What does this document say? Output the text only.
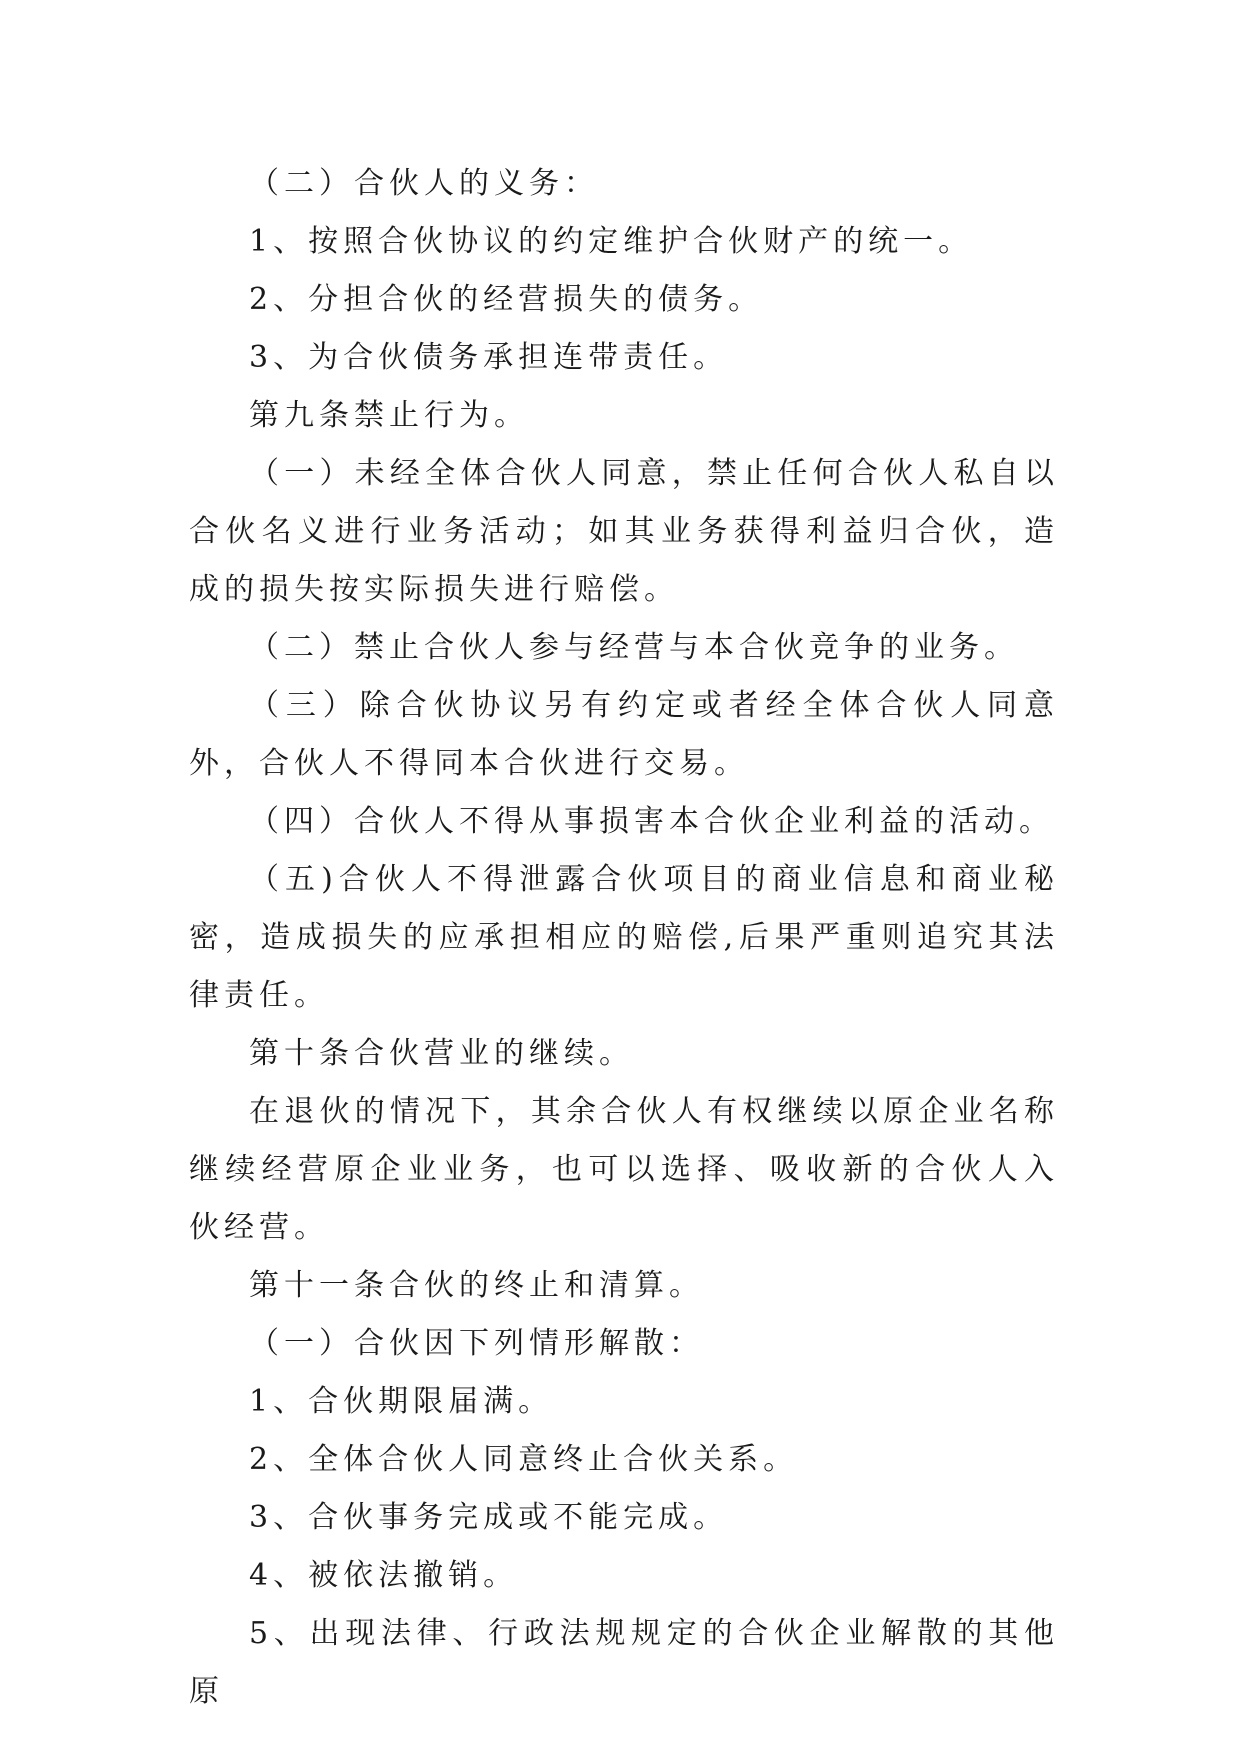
（二）合伙人的义务：

1、按照合伙协议的约定维护合伙财产的统一。

2、分担合伙的经营损失的债务。

3、为合伙债务承担连带责任。

第九条禁止行为。

（一）未经全体合伙人同意，禁止任何合伙人私自以合伙名义进行业务活动；如其业务获得利益归合伙，造成的损失按实际损失进行赔偿。

（二）禁止合伙人参与经营与本合伙竞争的业务。

（三）除合伙协议另有约定或者经全体合伙人同意外，合伙人不得同本合伙进行交易。

（四）合伙人不得从事损害本合伙企业利益的活动。

（五)合伙人不得泄露合伙项目的商业信息和商业秘密，造成损失的应承担相应的赔偿,后果严重则追究其法律责任。

第十条合伙营业的继续。

在退伙的情况下，其余合伙人有权继续以原企业名称继续经营原企业业务，也可以选择、吸收新的合伙人入伙经营。

第十一条合伙的终止和清算。

（一）合伙因下列情形解散：

1、合伙期限届满。

2、全体合伙人同意终止合伙关系。

3、合伙事务完成或不能完成。

4、被依法撤销。

5、出现法律、行政法规规定的合伙企业解散的其他原
